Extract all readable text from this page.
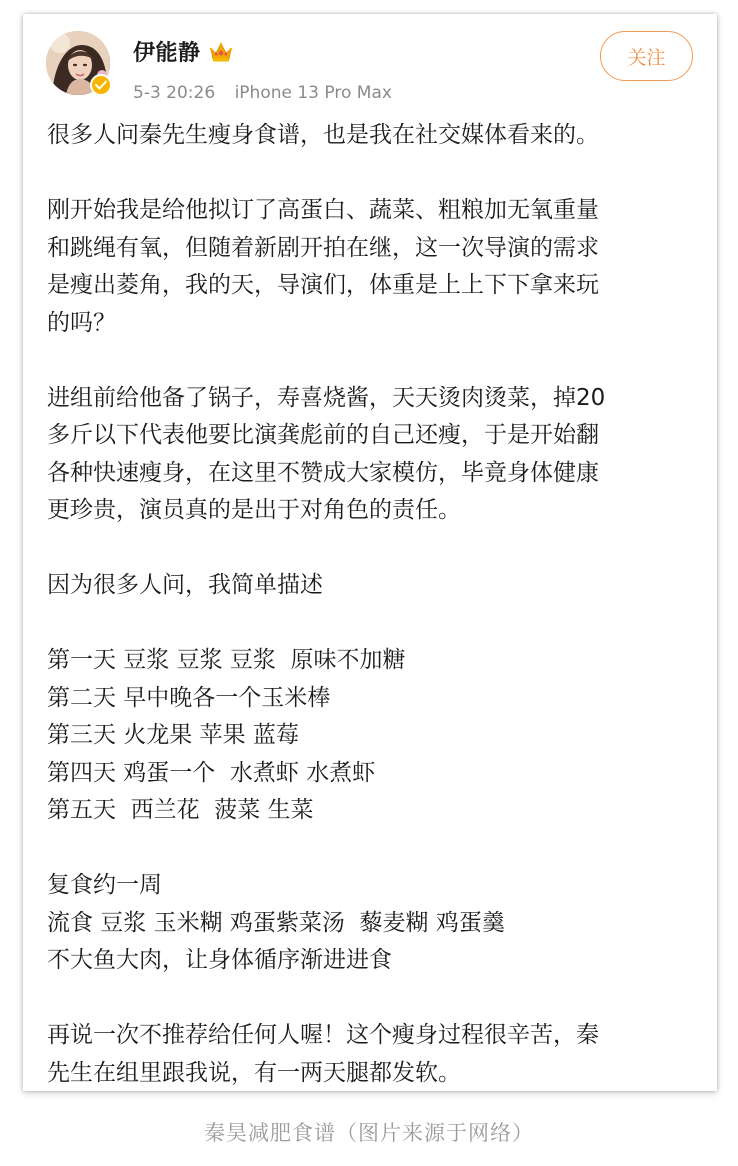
伊能静
5-3 20:26 iPhone 13 Pro Max
关注
很多人问秦先生瘦身食谱，也是我在社交媒体看来的。
刚开始我是给他拟订了高蛋白、蔬菜、粗粮加无氧重量
和跳绳有氧，但随着新剧开拍在继，这一次导演的需求
是瘦出菱角，我的天，导演们，体重是上上下下拿来玩
的吗？
进组前给他备了锅子，寿喜烧酱，天天烫肉烫菜，掉20
多斤以下代表他要比演龚彪前的自己还瘦，于是开始翻
各种快速瘦身，在这里不赞成大家模仿，毕竟身体健康
更珍贵，演员真的是出于对角色的责任。
因为很多人问，我简单描述
第一天 豆浆 豆浆 豆浆  原味不加糖
第二天 早中晚各一个玉米棒
第三天 火龙果 苹果 蓝莓
第四天 鸡蛋一个  水煮虾 水煮虾
第五天  西兰花  菠菜 生菜
复食约一周
流食 豆浆 玉米糊 鸡蛋紫菜汤  藜麦糊 鸡蛋羹
不大鱼大肉，让身体循序渐进进食
再说一次不推荐给任何人喔！这个瘦身过程很辛苦，秦
先生在组里跟我说，有一两天腿都发软。
秦昊减肥食谱（图片来源于网络）
